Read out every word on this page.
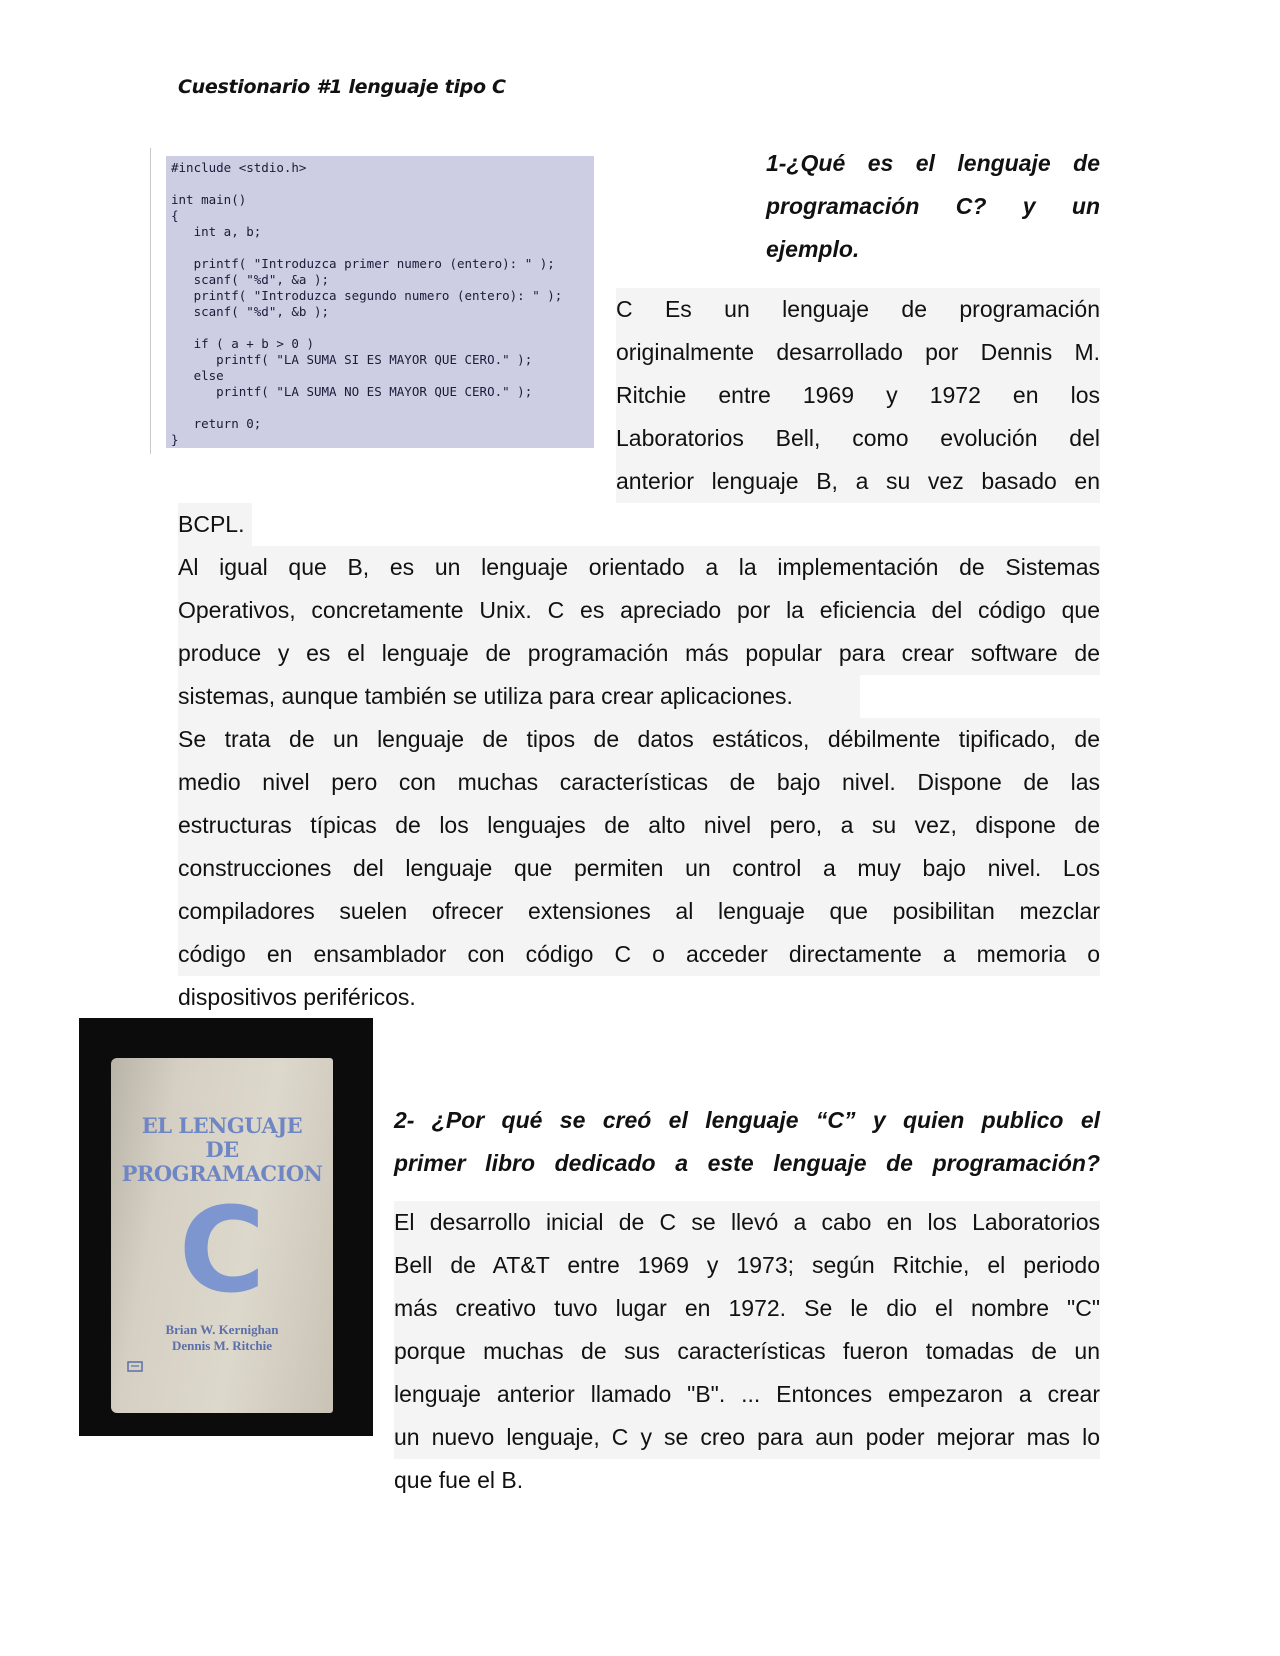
Cuestionario #1 lenguaje tipo C
#include <stdio.h>
int main()
{
int a, b;
printf( "Introduzca primer numero (entero): " );
scanf( "%d", &a );
printf( "Introduzca segundo numero (entero): " );
scanf( "%d", &b );
if ( a + b > 0 )
printf( "LA SUMA SI ES MAYOR QUE CERO." );
else
printf( "LA SUMA NO ES MAYOR QUE CERO." );
return 0;
}
1-¿Qué es el lenguaje de
programación C? y un
ejemplo.
C Es un lenguaje de programación
originalmente desarrollado por Dennis M.
Ritchie entre 1969 y 1972 en los
Laboratorios Bell, como evolución del
anterior lenguaje B, a su vez basado en
BCPL.
Al igual que B, es un lenguaje orientado a la implementación de Sistemas
Operativos, concretamente Unix. C es apreciado por la eficiencia del código que
produce y es el lenguaje de programación más popular para crear software de
sistemas, aunque también se utiliza para crear aplicaciones.
Se trata de un lenguaje de tipos de datos estáticos, débilmente tipificado, de
medio nivel pero con muchas características de bajo nivel. Dispone de las
estructuras típicas de los lenguajes de alto nivel pero, a su vez, dispone de
construcciones del lenguaje que permiten un control a muy bajo nivel. Los
compiladores suelen ofrecer extensiones al lenguaje que posibilitan mezclar
código en ensamblador con código C o acceder directamente a memoria o
dispositivos periféricos.
EL LENGUAJE
DE
PROGRAMACION
C
Brian W. Kernighan
Dennis M. Ritchie
2- ¿Por qué se creó el lenguaje “C” y quien publico el
primer libro dedicado a este lenguaje de programación?
El desarrollo inicial de C se llevó a cabo en los Laboratorios
Bell de AT&T entre 1969 y 1973; según Ritchie, el periodo
más creativo tuvo lugar en 1972. Se le dio el nombre "C"
porque muchas de sus características fueron tomadas de un
lenguaje anterior llamado "B". ... Entonces empezaron a crear
un nuevo lenguaje, C y se creo para aun poder mejorar mas lo
que fue el B.
